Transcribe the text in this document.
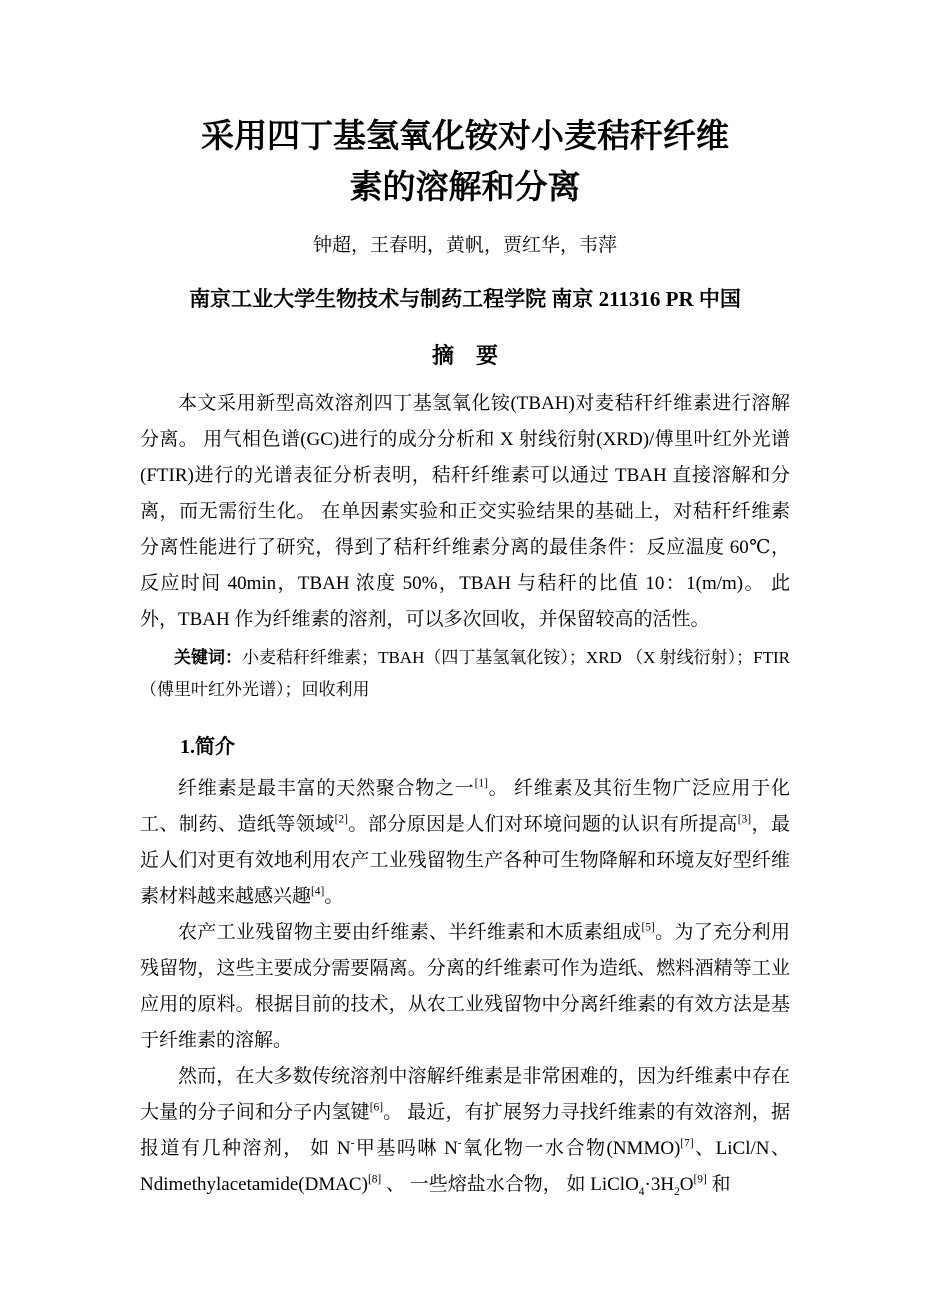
采用四丁基氢氧化铵对小麦秸秆纤维
素的溶解和分离

钟超，王春明，黄帆，贾红华，韦萍

南京工业大学生物技术与制药工程学院 南京 211316 PR 中国

摘　要

本文采用新型高效溶剂四丁基氢氧化铵(TBAH)对麦秸秆纤维素进行溶解分离。 用气相色谱(GC)进行的成分分析和 X 射线衍射(XRD)/傅里叶红外光谱(FTIR)进行的光谱表征分析表明，秸秆纤维素可以通过 TBAH 直接溶解和分离，而无需衍生化。 在单因素实验和正交实验结果的基础上，对秸秆纤维素分离性能进行了研究，得到了秸秆纤维素分离的最佳条件：反应温度 60℃，反应时间 40min，TBAH 浓度 50%，TBAH 与秸秆的比值 10：1(m/m)。 此外，TBAH 作为纤维素的溶剂，可以多次回收，并保留较高的活性。

关键词：小麦秸秆纤维素；TBAH（四丁基氢氧化铵）；XRD （X 射线衍射）；FTIR（傅里叶红外光谱）；回收利用

1.简介

纤维素是最丰富的天然聚合物之一[1]。 纤维素及其衍生物广泛应用于化工、制药、造纸等领域[2]。部分原因是人们对环境问题的认识有所提高[3]，最近人们对更有效地利用农产工业残留物生产各种可生物降解和环境友好型纤维素材料越来越感兴趣[4]。

农产工业残留物主要由纤维素、半纤维素和木质素组成[5]。为了充分利用残留物，这些主要成分需要隔离。分离的纤维素可作为造纸、燃料酒精等工业应用的原料。根据目前的技术，从农工业残留物中分离纤维素的有效方法是基于纤维素的溶解。

然而，在大多数传统溶剂中溶解纤维素是非常困难的，因为纤维素中存在大量的分子间和分子内氢键[6]。 最近，有扩展努力寻找纤维素的有效溶剂，据报道有几种溶剂， 如 N-甲基吗啉 N-氧化物一水合物(NMMO)[7]、LiCl/N、Ndimethylacetamide(DMAC)[8] 、 一些熔盐水合物， 如 $LiClO_4\cdot 3H_2O[9]$ 和
